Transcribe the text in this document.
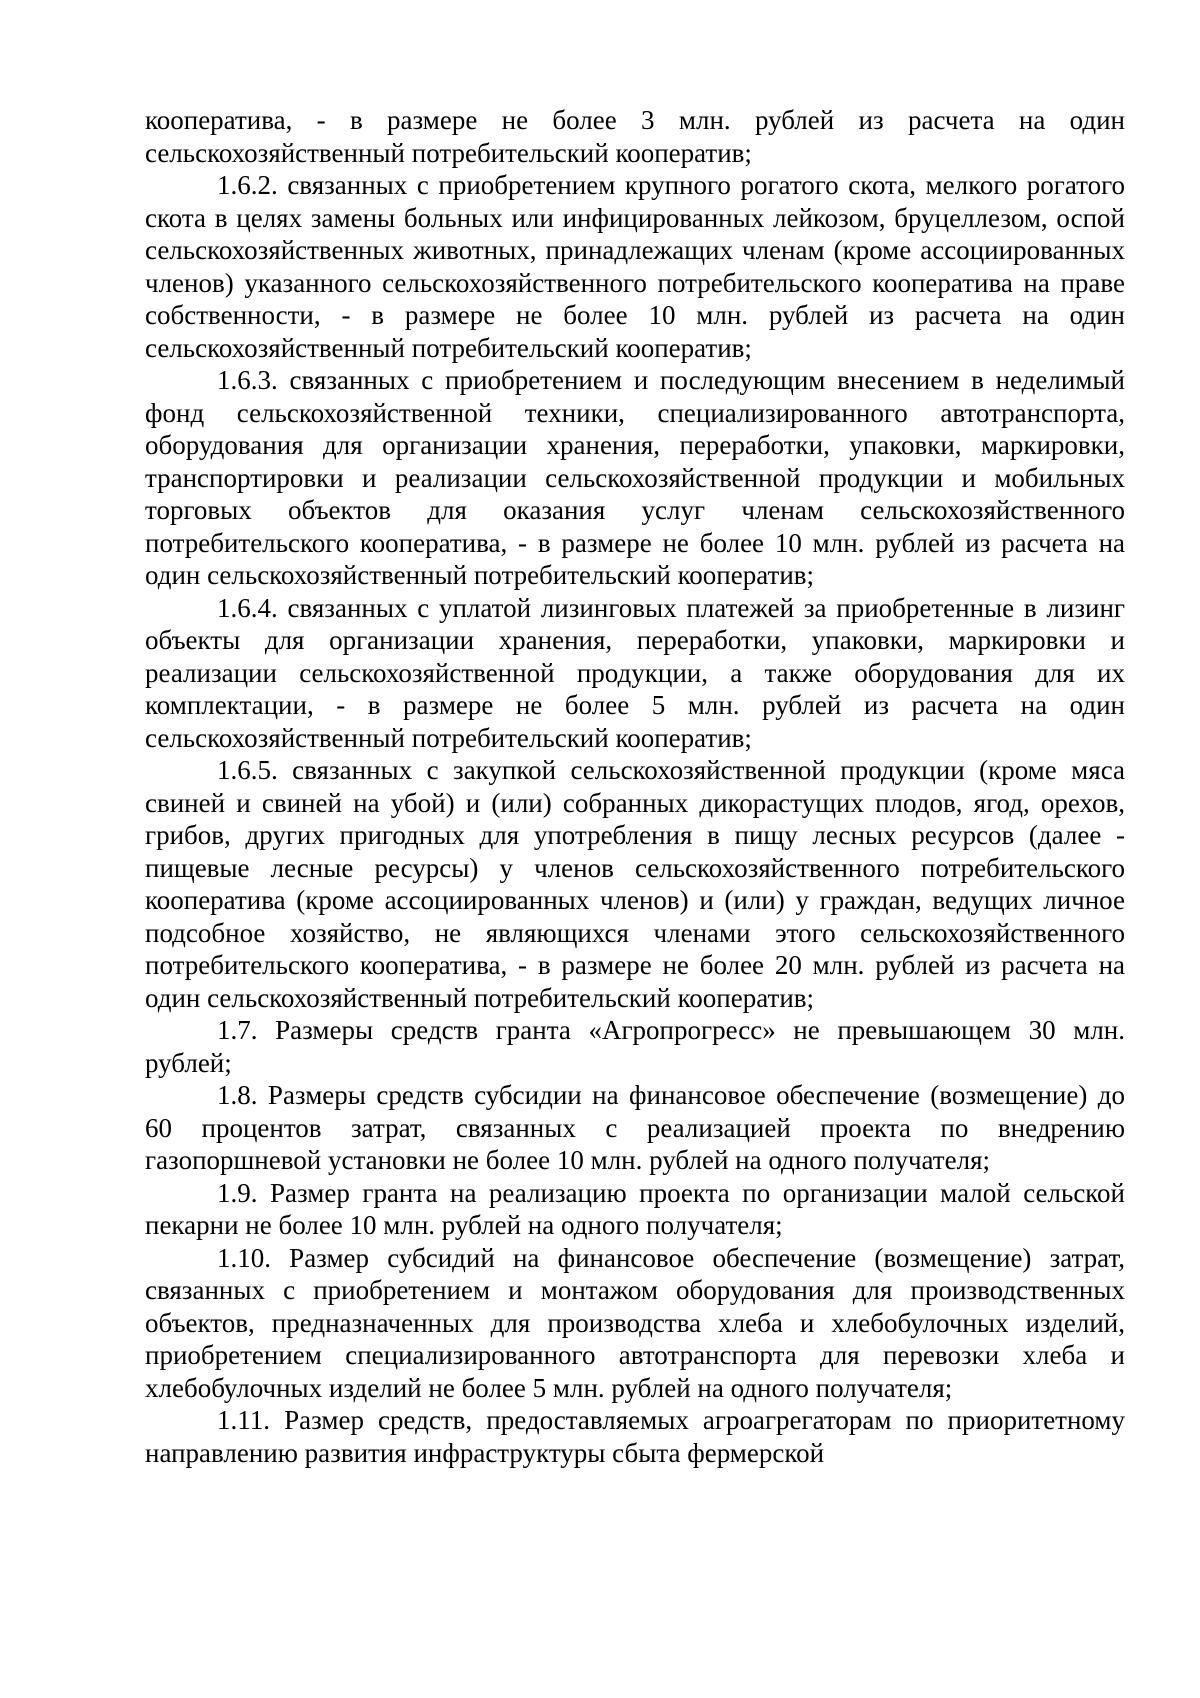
кооператива, - в размере не более 3 млн. рублей из расчета на один сельскохозяйственный потребительский кооператив;

1.6.2. связанных с приобретением крупного рогатого скота, мелкого рогатого скота в целях замены больных или инфицированных лейкозом, бруцеллезом, оспой сельскохозяйственных животных, принадлежащих членам (кроме ассоциированных членов) указанного сельскохозяйственного потребительского кооператива на праве собственности, - в размере не более 10 млн. рублей из расчета на один сельскохозяйственный потребительский кооператив;

1.6.3. связанных с приобретением и последующим внесением в неделимый фонд сельскохозяйственной техники, специализированного автотранспорта, оборудования для организации хранения, переработки, упаковки, маркировки, транспортировки и реализации сельскохозяйственной продукции и мобильных торговых объектов для оказания услуг членам сельскохозяйственного потребительского кооператива, - в размере не более 10 млн. рублей из расчета на один сельскохозяйственный потребительский кооператив;

1.6.4. связанных с уплатой лизинговых платежей за приобретенные в лизинг объекты для организации хранения, переработки, упаковки, маркировки и реализации сельскохозяйственной продукции, а также оборудования для их комплектации, - в размере не более 5 млн. рублей из расчета на один сельскохозяйственный потребительский кооператив;

1.6.5. связанных с закупкой сельскохозяйственной продукции (кроме мяса свиней и свиней на убой) и (или) собранных дикорастущих плодов, ягод, орехов, грибов, других пригодных для употребления в пищу лесных ресурсов (далее - пищевые лесные ресурсы) у членов сельскохозяйственного потребительского кооператива (кроме ассоциированных членов) и (или) у граждан, ведущих личное подсобное хозяйство, не являющихся членами этого сельскохозяйственного потребительского кооператива, - в размере не более 20 млн. рублей из расчета на один сельскохозяйственный потребительский кооператив;

1.7. Размеры средств гранта «Агропрогресс» не превышающем 30 млн. рублей;

1.8. Размеры средств субсидии на финансовое обеспечение (возмещение) до 60 процентов затрат, связанных с реализацией проекта по внедрению газопоршневой установки не более 10 млн. рублей на одного получателя;

1.9. Размер гранта на реализацию проекта по организации малой сельской пекарни не более 10 млн. рублей на одного получателя;

1.10. Размер субсидий на финансовое обеспечение (возмещение) затрат, связанных с приобретением и монтажом оборудования для производственных объектов, предназначенных для производства хлеба и хлебобулочных изделий, приобретением специализированного автотранспорта для перевозки хлеба и хлебобулочных изделий не более 5 млн. рублей на одного получателя;

1.11. Размер средств, предоставляемых агроагрегаторам по приоритетному направлению развития инфраструктуры сбыта фермерской
